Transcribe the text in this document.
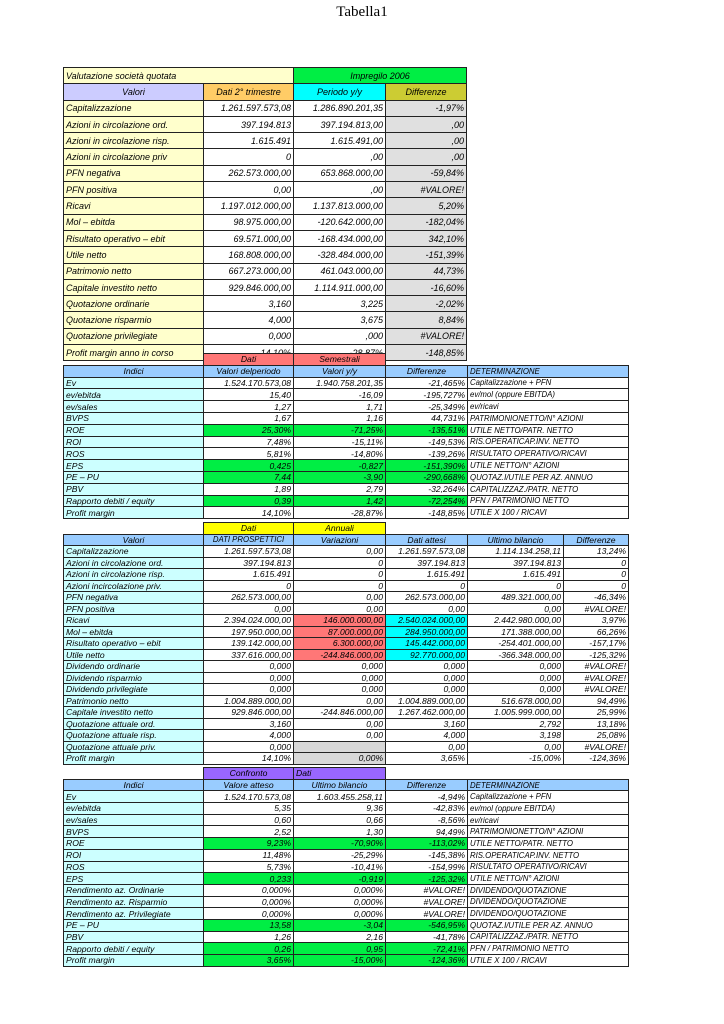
Tabella1
Valutazione società quotata		Impregilo 2006	
Valori	Dati 2° trimestre	Periodo y/y	Differenze
Capitalizzazione	1.261.597.573,08	1.286.890.201,35	-1,97%
Azioni in circolazione ord.	397.194.813	397.194.813,00	,00
Azioni in circolazione risp.	1.615.491	1.615.491,00	,00
Azioni in circolazione priv	0	,00	,00
PFN negativa	262.573.000,00	653.868.000,00	-59,84%
PFN positiva	0,00	,00	#VALORE!
Ricavi	1.197.012.000,00	1.137.813.000,00	5,20%
Mol – ebitda	98.975.000,00	-120.642.000,00	-182,04%
Risultato operativo – ebit	69.571.000,00	-168.434.000,00	342,10%
Utile netto	168.808.000,00	-328.484.000,00	-151,39%
Patrimonio netto	667.273.000,00	461.043.000,00	44,73%
Capitale investito netto	929.846.000,00	1.114.911.000,00	-16,60%
Quotazione ordinarie	3,160	3,225	-2,02%
Quotazione risparmio	4,000	3,675	8,84%
Quotazione privilegiate	0,000	,000	#VALORE!
Profit margin anno in corso			-148,85%
	Dati	Semestrali		
Indici	Valori delperiodo	Valori y/y	Differenze	DETERMINAZIONE
Ev	1.524.170.573,08	1.940.758.201,35	-21,465%	Capitalizzazione + PFN
ev/ebitda	15,40	-16,09	-195,727%	ev/mol (oppure EBITDA)
ev/sales	1,27	1,71	-25,349%	ev/ricavi
BVPS	1,67	1,16	44,731%	PATRIMONIONETTO/N° AZIONI
ROE	25,30%	-71,25%	-135,51%	UTILE NETTO/PATR. NETTO
ROI	7,48%	-15,11%	-149,53%	RIS.OPERATICAP.INV. NETTO
ROS	5,81%	-14,80%	-139,26%	RISULTATO OPERATIVO/RICAVI
EPS	0,425	-0,827	-151,390%	UTILE NETTO/N° AZIONI
PE – PU	7,44	-3,90	-290,668%	QUOTAZ.I/UTILE PER AZ. ANNUO
PBV	1,89	2,79	-32,264%	CAPITALIZZAZ./PATR. NETTO
Rapporto debiti / equity	0,39	1,42	-72,254%	PFN / PATRIMONIO NETTO
Profit margin	14,10%	-28,87%	-148,85%	UTILE X 100 / RICAVI
	Dati	Annuali			
Valori	DATI PROSPETTICI	Variazioni	Dati attesi	Ultimo bilancio	Differenze
Capitalizzazione	1.261.597.573,08	0,00	1.261.597.573,08	1.114.134.258,11	13,24%
Azioni in circolazione ord.	397.194.813	0	397.194.813	397.194.813	0
Azioni in circolazione risp.	1.615.491	0	1.615.491	1.615.491	0
Azioni incircolazione priv.	0	0	0	0	0
PFN negativa	262.573.000,00	0,00	262.573.000,00	489.321.000,00	-46,34%
PFN positiva	0,00	0,00	0,00	0,00	#VALORE!
Ricavi	2.394.024.000,00	146.000.000,00	2.540.024.000,00	2.442.980.000,00	3,97%
Mol – ebitda	197.950.000,00	87.000.000,00	284.950.000,00	171.388.000,00	66,26%
Risultato operativo – ebit	139.142.000,00	6.300.000,00	145.442.000,00	-254.401.000,00	-157,17%
Utile netto	337.616.000,00	-244.846.000,00	92.770.000,00	-366.348.000,00	-125,32%
Dividendo ordinarie	0,000	0,000	0,000	0,000	#VALORE!
Dividendo risparmio	0,000	0,000	0,000	0,000	#VALORE!
Dividendo privilegiate	0,000	0,000	0,000	0,000	#VALORE!
Patrimonio netto	1.004.889.000,00	0,00	1.004.889.000,00	516.678.000,00	94,49%
Capitale investito netto	929.846.000,00	-244.846.000,00	1.267.462.000,00	1.005.999.000,00	25,99%
Quotazione attuale ord.	3,160	0,00	3,160	2,792	13,18%
Quotazione attuale risp.	4,000	0,00	4,000	3,198	25,08%
Quotazione attuale priv.	0,000		0,00	0,00	#VALORE!
Profit margin	14,10%	0,00%	3,65%	-15,00%	-124,36%
	Confronto	Dati		
Indici	Valore atteso	Ultimo bilancio	Differenze	DETERMINAZIONE
Ev	1.524.170.573,08	1.603.455.258,11	-4,94%	Capitalizzazione + PFN
ev/ebitda	5,35	9,36	-42,83%	ev/mol (oppure EBITDA)
ev/sales	0,60	0,66	-8,56%	ev/ricavi
BVPS	2,52	1,30	94,49%	PATRIMONIONETTO/N° AZIONI
ROE	9,23%	-70,90%	-113,02%	UTILE NETTO/PATR. NETTO
ROI	11,48%	-25,29%	-145,38%	RIS.OPERATICAP.INV. NETTO
ROS	5,73%	-10,41%	-154,99%	RISULTATO OPERATIVO/RICAVI
EPS	0,233	-0,919	-125,32%	UTILE NETTO/N° AZIONI
Rendimento az. Ordinarie	0,000%	0,000%	#VALORE!	DIVIDENDO/QUOTAZIONE
Rendimento az. Risparmio	0,000%	0,000%	#VALORE!	DIVIDENDO/QUOTAZIONE
Rendimento az. Privilegiate	0,000%	0,000%	#VALORE!	DIVIDENDO/QUOTAZIONE
PE – PU	13,58	-3,04	-546,95%	QUOTAZ.I/UTILE PER AZ. ANNUO
PBV	1,26	2,16	-41,78%	CAPITALIZZAZ./PATR. NETTO
Rapporto debiti / equity	0,26	0,95	-72,41%	PFN / PATRIMONIO NETTO
Profit margin	3,65%	-15,00%	-124,36%	UTILE X 100 / RICAVI
